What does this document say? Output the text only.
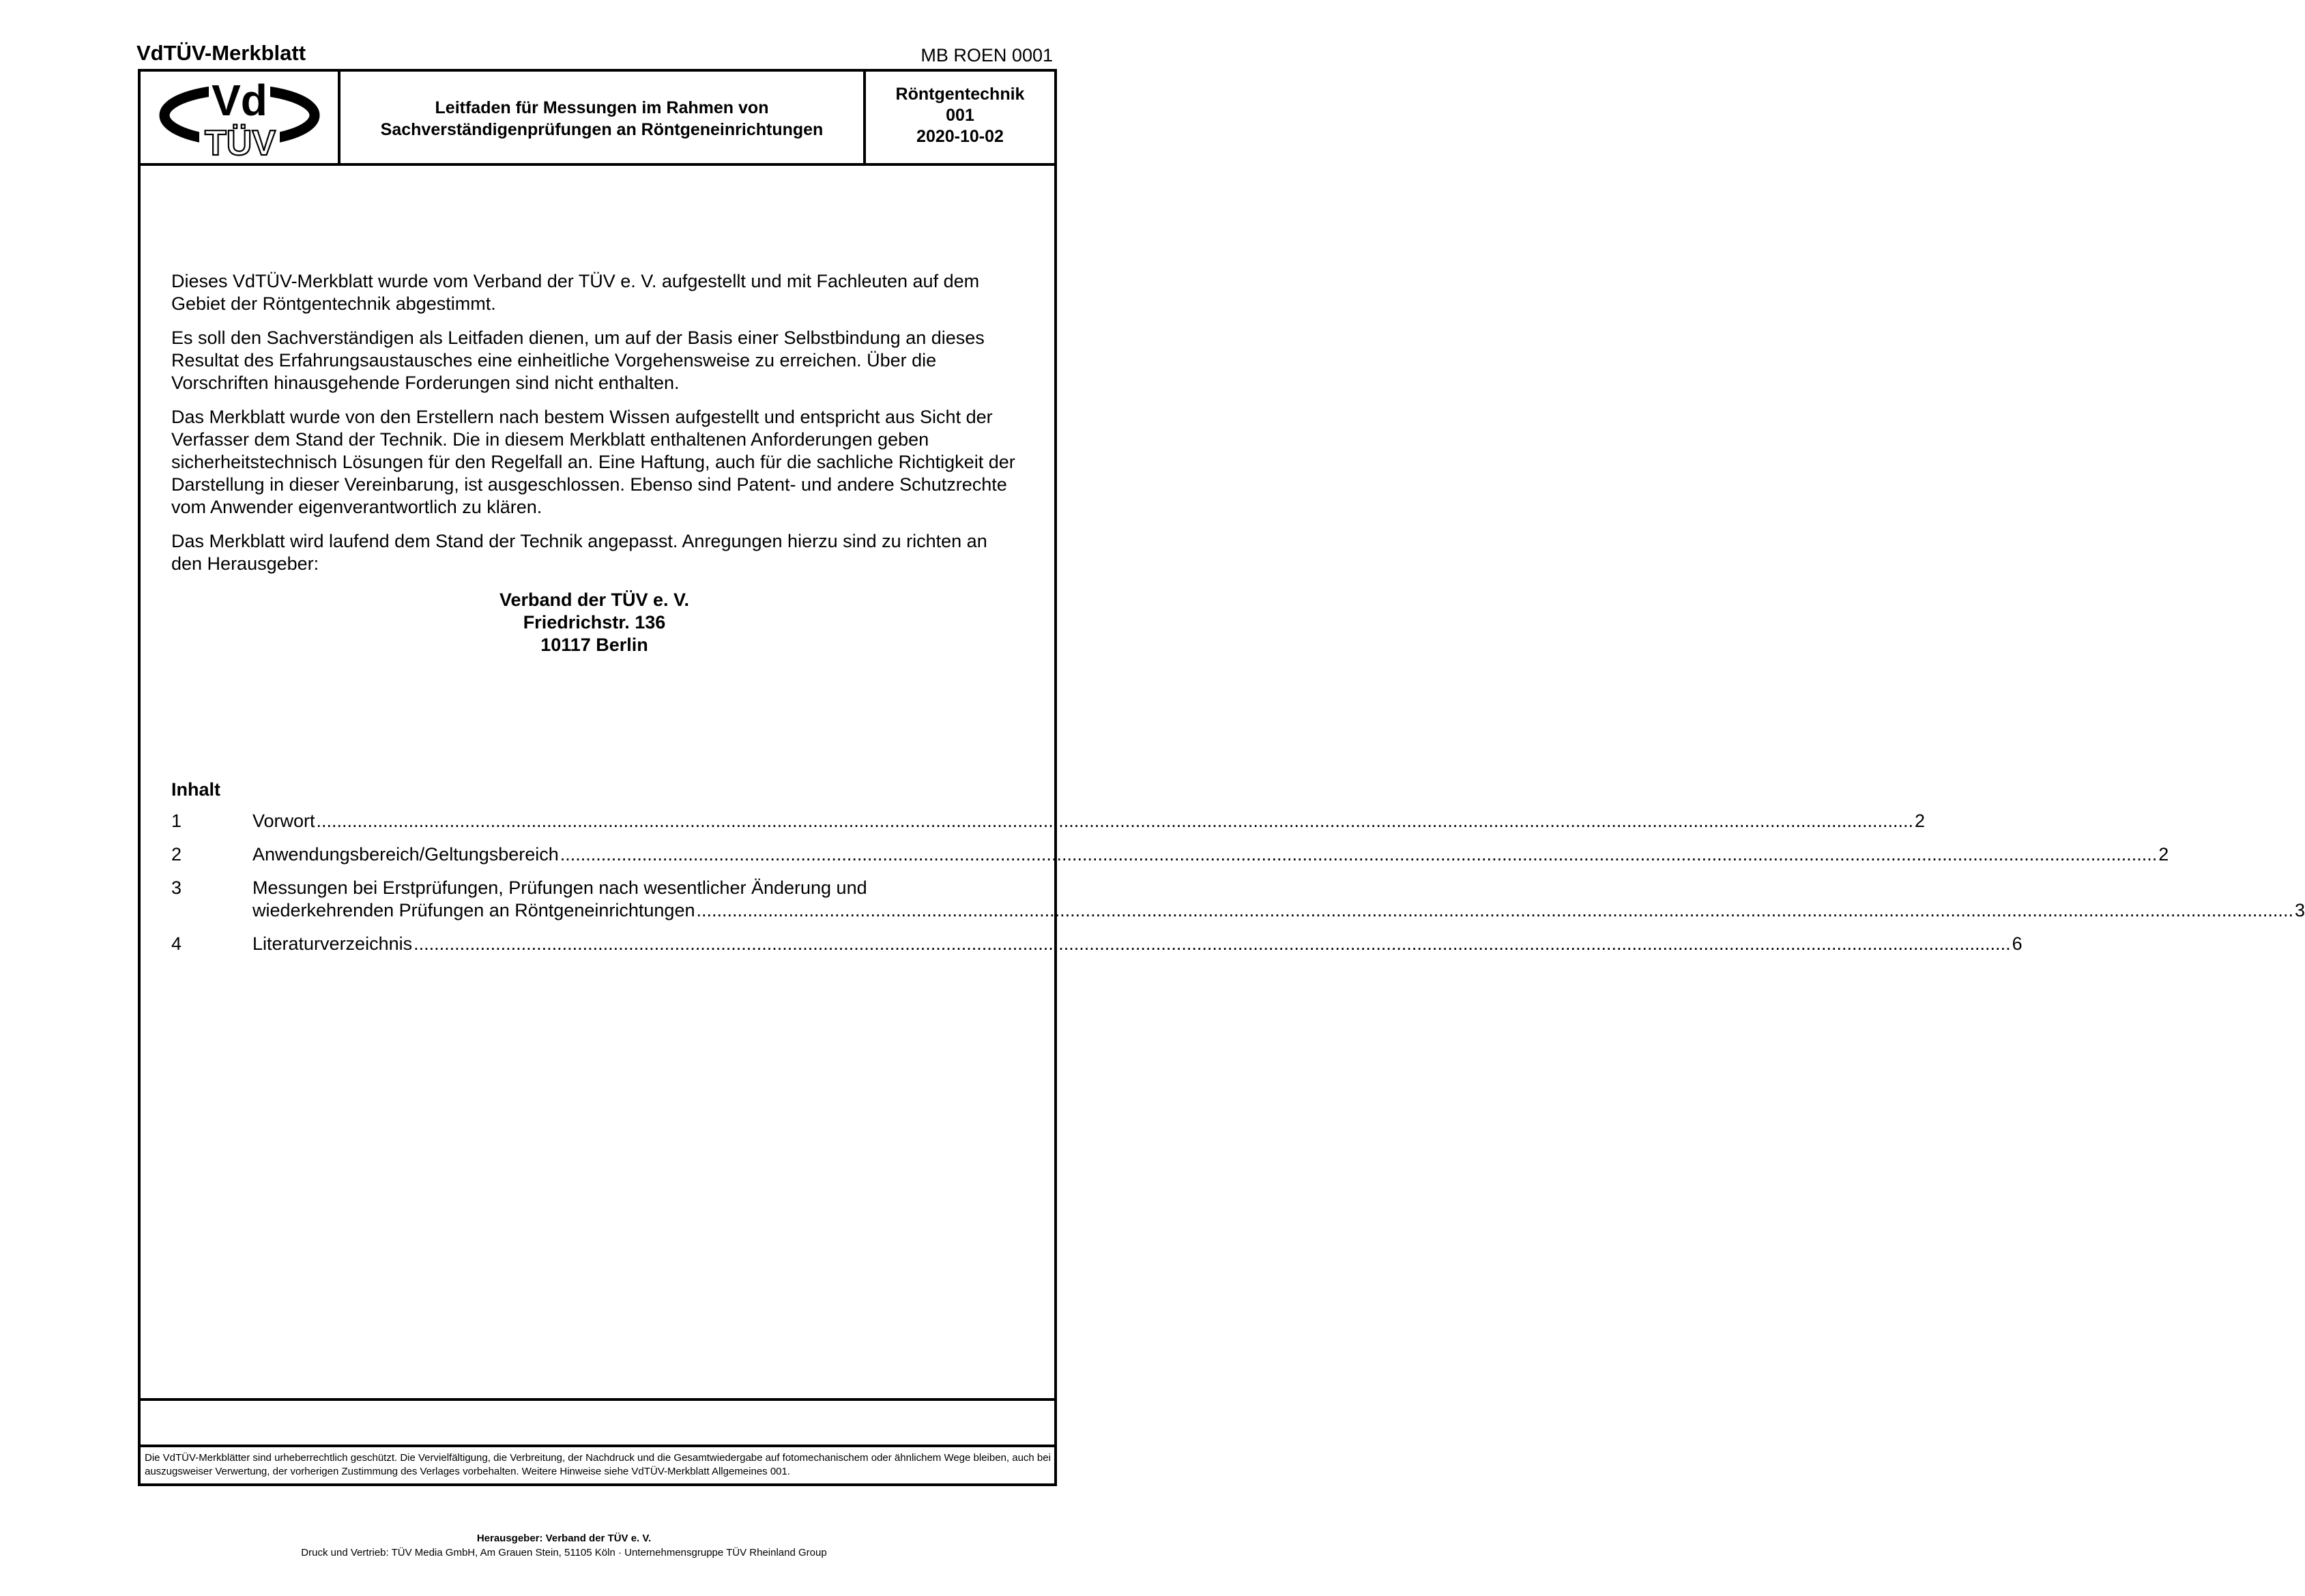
VdTÜV-Merkblatt	MB ROEN 0001
Vd
TÜV
Leitfaden für Messungen im Rahmen von
Sachverständigenprüfungen an Röntgeneinrichtungen
Röntgentechnik
001
2020-10-02

Dieses VdTÜV-Merkblatt wurde vom Verband der TÜV e. V. aufgestellt und mit Fachleuten auf dem Gebiet der Röntgentechnik abgestimmt.

Es soll den Sachverständigen als Leitfaden dienen, um auf der Basis einer Selbstbindung an dieses Resultat des Erfahrungsaustausches eine einheitliche Vorgehensweise zu erreichen. Über die Vorschriften hinausgehende Forderungen sind nicht enthalten.

Das Merkblatt wurde von den Erstellern nach bestem Wissen aufgestellt und entspricht aus Sicht der Verfasser dem Stand der Technik. Die in diesem Merkblatt enthaltenen Anforderungen geben sicherheitstechnisch Lösungen für den Regelfall an. Eine Haftung, auch für die sachliche Richtigkeit der Darstellung in dieser Vereinbarung, ist ausgeschlossen. Ebenso sind Patent- und andere Schutzrechte vom Anwender eigenverantwortlich zu klären.

Das Merkblatt wird laufend dem Stand der Technik angepasst. Anregungen hierzu sind zu richten an den Herausgeber:

Verband der TÜV e. V.
Friedrichstr. 136
10117 Berlin
Inhalt
1	Vorwort .....	2
2	Anwendungsbereich/Geltungsbereich .....	2
3	Messungen bei Erstprüfungen, Prüfungen nach wesentlicher Änderung und
wiederkehrenden Prüfungen an Röntgeneinrichtungen .....	3
4	Literaturverzeichnis .....	6
Die VdTÜV-Merkblätter sind urheberrechtlich geschützt. Die Vervielfältigung, die Verbreitung, der Nachdruck und die Gesamtwiedergabe auf fotomechanischem oder ähnlichem Wege bleiben, auch bei auszugsweiser Verwertung, der vorherigen Zustimmung des Verlages vorbehalten. Weitere Hinweise siehe VdTÜV-Merkblatt Allgemeines 001.
Herausgeber: Verband der TÜV e. V.
Druck und Vertrieb: TÜV Media GmbH, Am Grauen Stein, 51105 Köln · Unternehmensgruppe TÜV Rheinland Group
